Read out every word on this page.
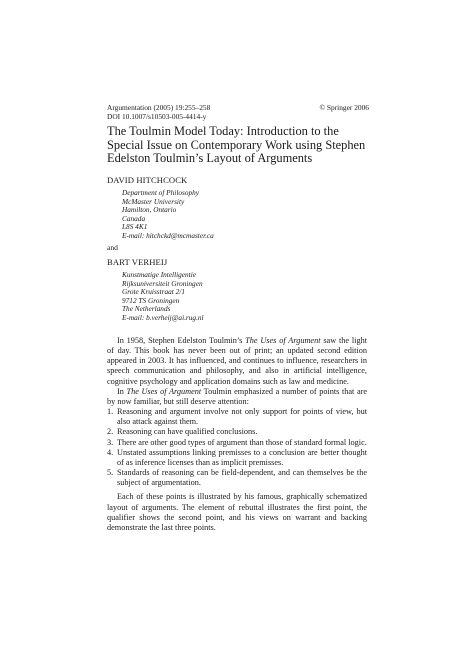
Argumentation (2005) 19:255–258
DOI 10.1007/s10503-005-4414-y
© Springer 2006
The Toulmin Model Today: Introduction to the Special Issue on Contemporary Work using Stephen Edelston Toulmin’s Layout of Arguments
DAVID HITCHCOCK
Department of Philosophy
McMaster University
Hamilton, Ontario
Canada
L8S 4K1
E-mail: hitchckd@mcmaster.ca
and
BART VERHEIJ
Kunstmatige Intelligentie
Rijksuniversiteit Groningen
Grote Kruisstraat 2/1
9712 TS Groningen
The Netherlands
E-mail: b.verheij@ai.rug.nl

In 1958, Stephen Edelston Toulmin’s The Uses of Argument saw the light of day. This book has never been out of print; an updated second edition appeared in 2003. It has influenced, and continues to influence, researchers in speech communication and philosophy, and also in artificial intelligence, cognitive psychology and application domains such as law and medicine.

In The Uses of Argument Toulmin emphasized a number of points that are by now familiar, but still deserve attention:

1. Reasoning and argument involve not only support for points of view, but also attack against them.
2. Reasoning can have qualified conclusions.
3. There are other good types of argument than those of standard formal logic.
4. Unstated assumptions linking premisses to a conclusion are better thought of as inference licenses than as implicit premisses.
5. Standards of reasoning can be field-dependent, and can themselves be the subject of argumentation.

Each of these points is illustrated by his famous, graphically schematized layout of arguments. The element of rebuttal illustrates the first point, the qualifier shows the second point, and his views on warrant and backing demonstrate the last three points.
